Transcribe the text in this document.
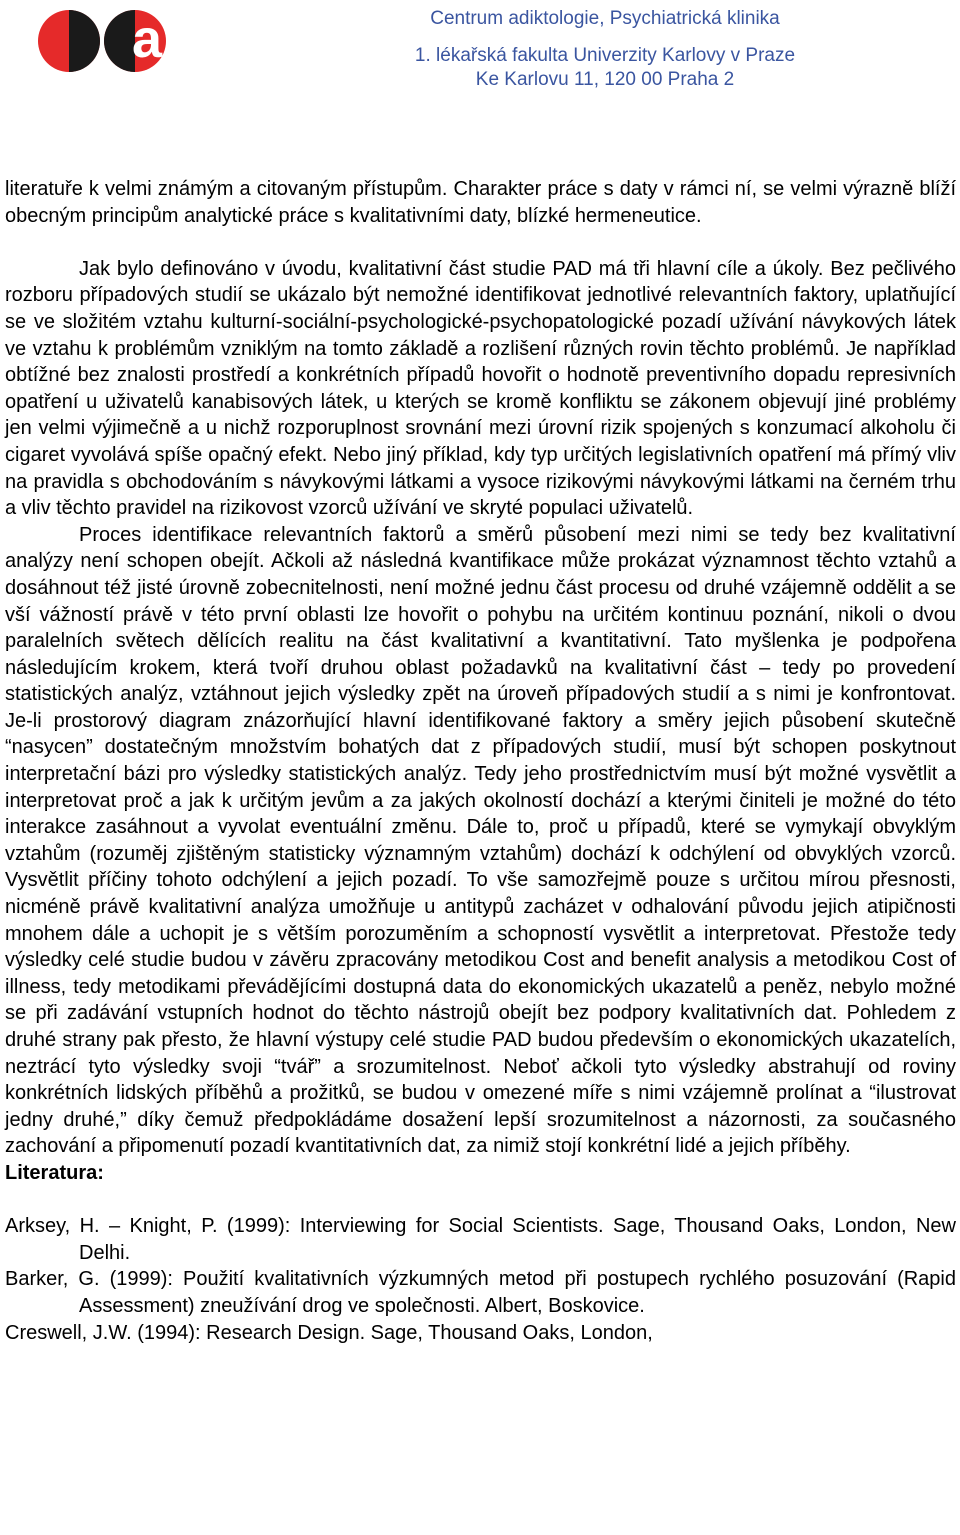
a	Centrum adiktologie, Psychiatrická klinika
1. lékařská fakulta Univerzity Karlovy v Praze
Ke Karlovu 11, 120 00 Praha 2

literatuře k velmi známým a citovaným přístupům. Charakter práce s daty v rámci ní, se velmi výrazně blíží obecným principům analytické práce s kvalitativními daty, blízké hermeneutice.

Jak bylo definováno v úvodu, kvalitativní část studie PAD má tři hlavní cíle a úkoly. Bez pečlivého rozboru případových studií se ukázalo být nemožné identifikovat jednotlivé relevantních faktory, uplatňující se ve složitém vztahu kulturní-sociální-psychologické-psychopatologické pozadí užívání návykových látek ve vztahu k problémům vzniklým na tomto základě a rozlišení různých rovin těchto problémů. Je například obtížné bez znalosti prostředí a konkrétních případů hovořit o hodnotě preventivního dopadu represivních opatření u uživatelů kanabisových látek, u kterých se kromě konfliktu se zákonem objevují jiné problémy jen velmi výjimečně a u nichž rozporuplnost srovnání mezi úrovní rizik spojených s konzumací alkoholu či cigaret vyvolává spíše opačný efekt. Nebo jiný příklad, kdy typ určitých legislativních opatření má přímý vliv na pravidla s obchodováním s návykovými látkami a vysoce rizikovými návykovými látkami na černém trhu a vliv těchto pravidel na rizikovost vzorců užívání ve skryté populaci uživatelů.

Proces identifikace relevantních faktorů a směrů působení mezi nimi se tedy bez kvalitativní analýzy není schopen obejít. Ačkoli až následná kvantifikace může prokázat významnost těchto vztahů a dosáhnout též jisté úrovně zobecnitelnosti, není možné jednu část procesu od druhé vzájemně oddělit a se vší vážností právě v této první oblasti lze hovořit o pohybu na určitém kontinuu poznání, nikoli o dvou paralelních světech dělících realitu na část kvalitativní a kvantitativní. Tato myšlenka je podpořena následujícím krokem, která tvoří druhou oblast požadavků na kvalitativní část – tedy po provedení statistických analýz, vztáhnout jejich výsledky zpět na úroveň případových studií a s nimi je konfrontovat. Je-li prostorový diagram znázorňující hlavní identifikované faktory a směry jejich působení skutečně “nasycen” dostatečným množstvím bohatých dat z případových studií, musí být schopen poskytnout interpretační bázi pro výsledky statistických analýz. Tedy jeho prostřednictvím musí být možné vysvětlit a interpretovat proč a jak k určitým jevům a za jakých okolností dochází a kterými činiteli je možné do této interakce zasáhnout a vyvolat eventuální změnu. Dále to, proč u případů, které se vymykají obvyklým vztahům (rozuměj zjištěným statisticky významným vztahům) dochází k odchýlení od obvyklých vzorců. Vysvětlit příčiny tohoto odchýlení a jejich pozadí. To vše samozřejmě pouze s určitou mírou přesnosti, nicméně právě kvalitativní analýza umožňuje u antitypů zacházet v odhalování původu jejich atipičnosti mnohem dále a uchopit je s větším porozuměním a schopností vysvětlit a interpretovat. Přestože tedy výsledky celé studie budou v závěru zpracovány metodikou Cost and benefit analysis a metodikou Cost of illness, tedy metodikami převádějícími dostupná data do ekonomických ukazatelů a peněz, nebylo možné se při zadávání vstupních hodnot do těchto nástrojů obejít bez podpory kvalitativních dat. Pohledem z druhé strany pak přesto, že hlavní výstupy celé studie PAD budou především o ekonomických ukazatelích, neztrácí tyto výsledky svoji “tvář” a srozumitelnost. Neboť ačkoli tyto výsledky abstrahují od roviny konkrétních lidských příběhů a prožitků, se budou v omezené míře s nimi vzájemně prolínat a “ilustrovat jedny druhé,” díky čemuž předpokládáme dosažení lepší srozumitelnost a názornosti, za současného zachování a připomenutí pozadí kvantitativních dat, za nimiž stojí konkrétní lidé a jejich příběhy.

Literatura:

Arksey, H. – Knight, P. (1999): Interviewing for Social Scientists. Sage, Thousand Oaks, London, New Delhi.

Barker, G. (1999): Použití kvalitativních výzkumných metod při postupech rychlého posuzování (Rapid Assessment) zneužívání drog ve společnosti. Albert, Boskovice.

Creswell, J.W. (1994): Research Design. Sage, Thousand Oaks, London,
